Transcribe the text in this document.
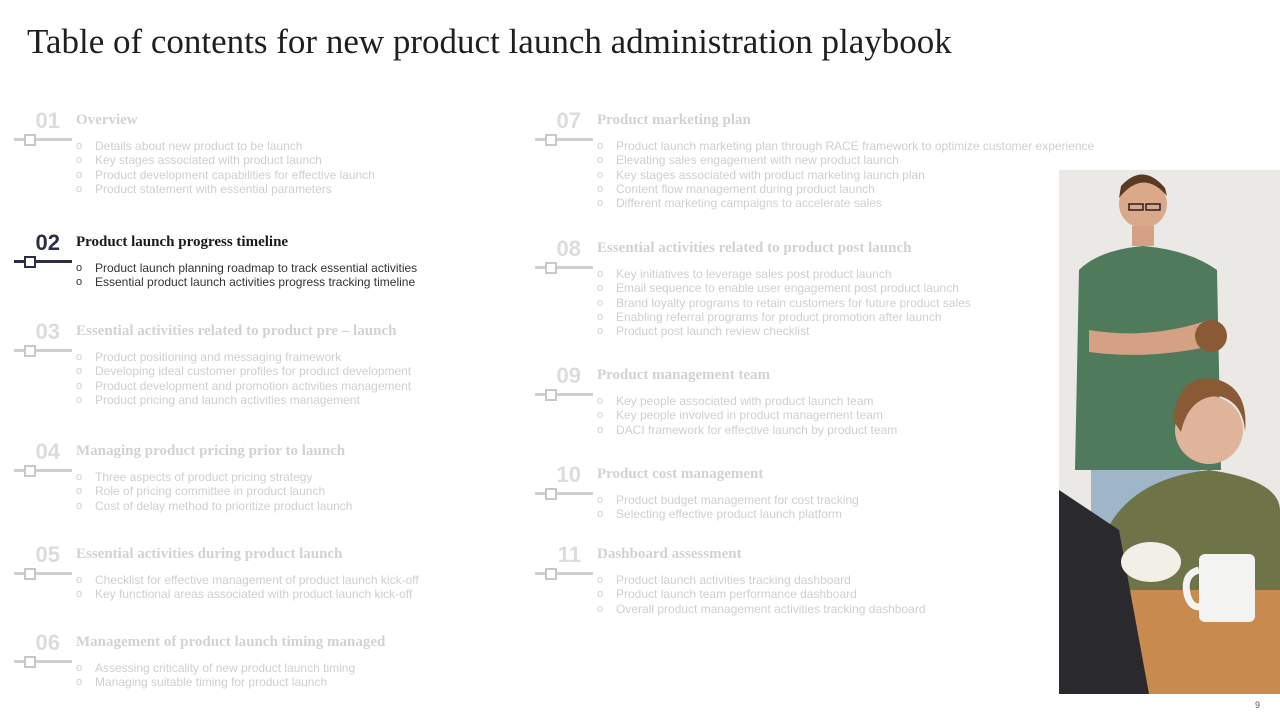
Table of contents for new product launch administration playbook
01 Overview
o Details about new product to be launch
o Key stages associated with product launch
o Product development capabilities for effective launch
o Product statement with essential parameters
02 Product launch progress timeline
o Product launch planning roadmap to track essential activities
o Essential product launch activities progress tracking timeline
03 Essential activities related to product pre – launch
o Product positioning and messaging framework
o Developing ideal customer profiles for product development
o Product development and promotion activities management
o Product pricing and launch activities management
04 Managing product pricing prior to launch
o Three aspects of product pricing strategy
o Role of pricing committee in product launch
o Cost of delay method to prioritize product launch
05 Essential activities during product launch
o Checklist for effective management of product launch kick-off
o Key functional areas associated with product launch kick-off
06 Management of product launch timing managed
o Assessing criticality of new product launch timing
o Managing suitable timing for product launch
07 Product marketing plan
o Product launch marketing plan through RACE framework to optimize customer experience
o Elevating sales engagement with new product launch
o Key stages associated with product marketing launch plan
o Content flow management during product launch
o Different marketing campaigns to accelerate sales
08 Essential activities related to product post launch
o Key initiatives to leverage sales post product launch
o Email sequence to enable user engagement post product launch
o Brand loyalty programs to retain customers for future product sales
o Enabling referral programs for product promotion after launch
o Product post launch review checklist
09 Product management team
o Key people associated with product launch team
o Key people involved in product management team
o DACI framework for effective launch by product team
10 Product cost management
o Product budget management for cost tracking
o Selecting effective product launch platform
11 Dashboard assessment
o Product launch activities tracking dashboard
o Product launch team performance dashboard
o Overall product management activities tracking dashboard
9
